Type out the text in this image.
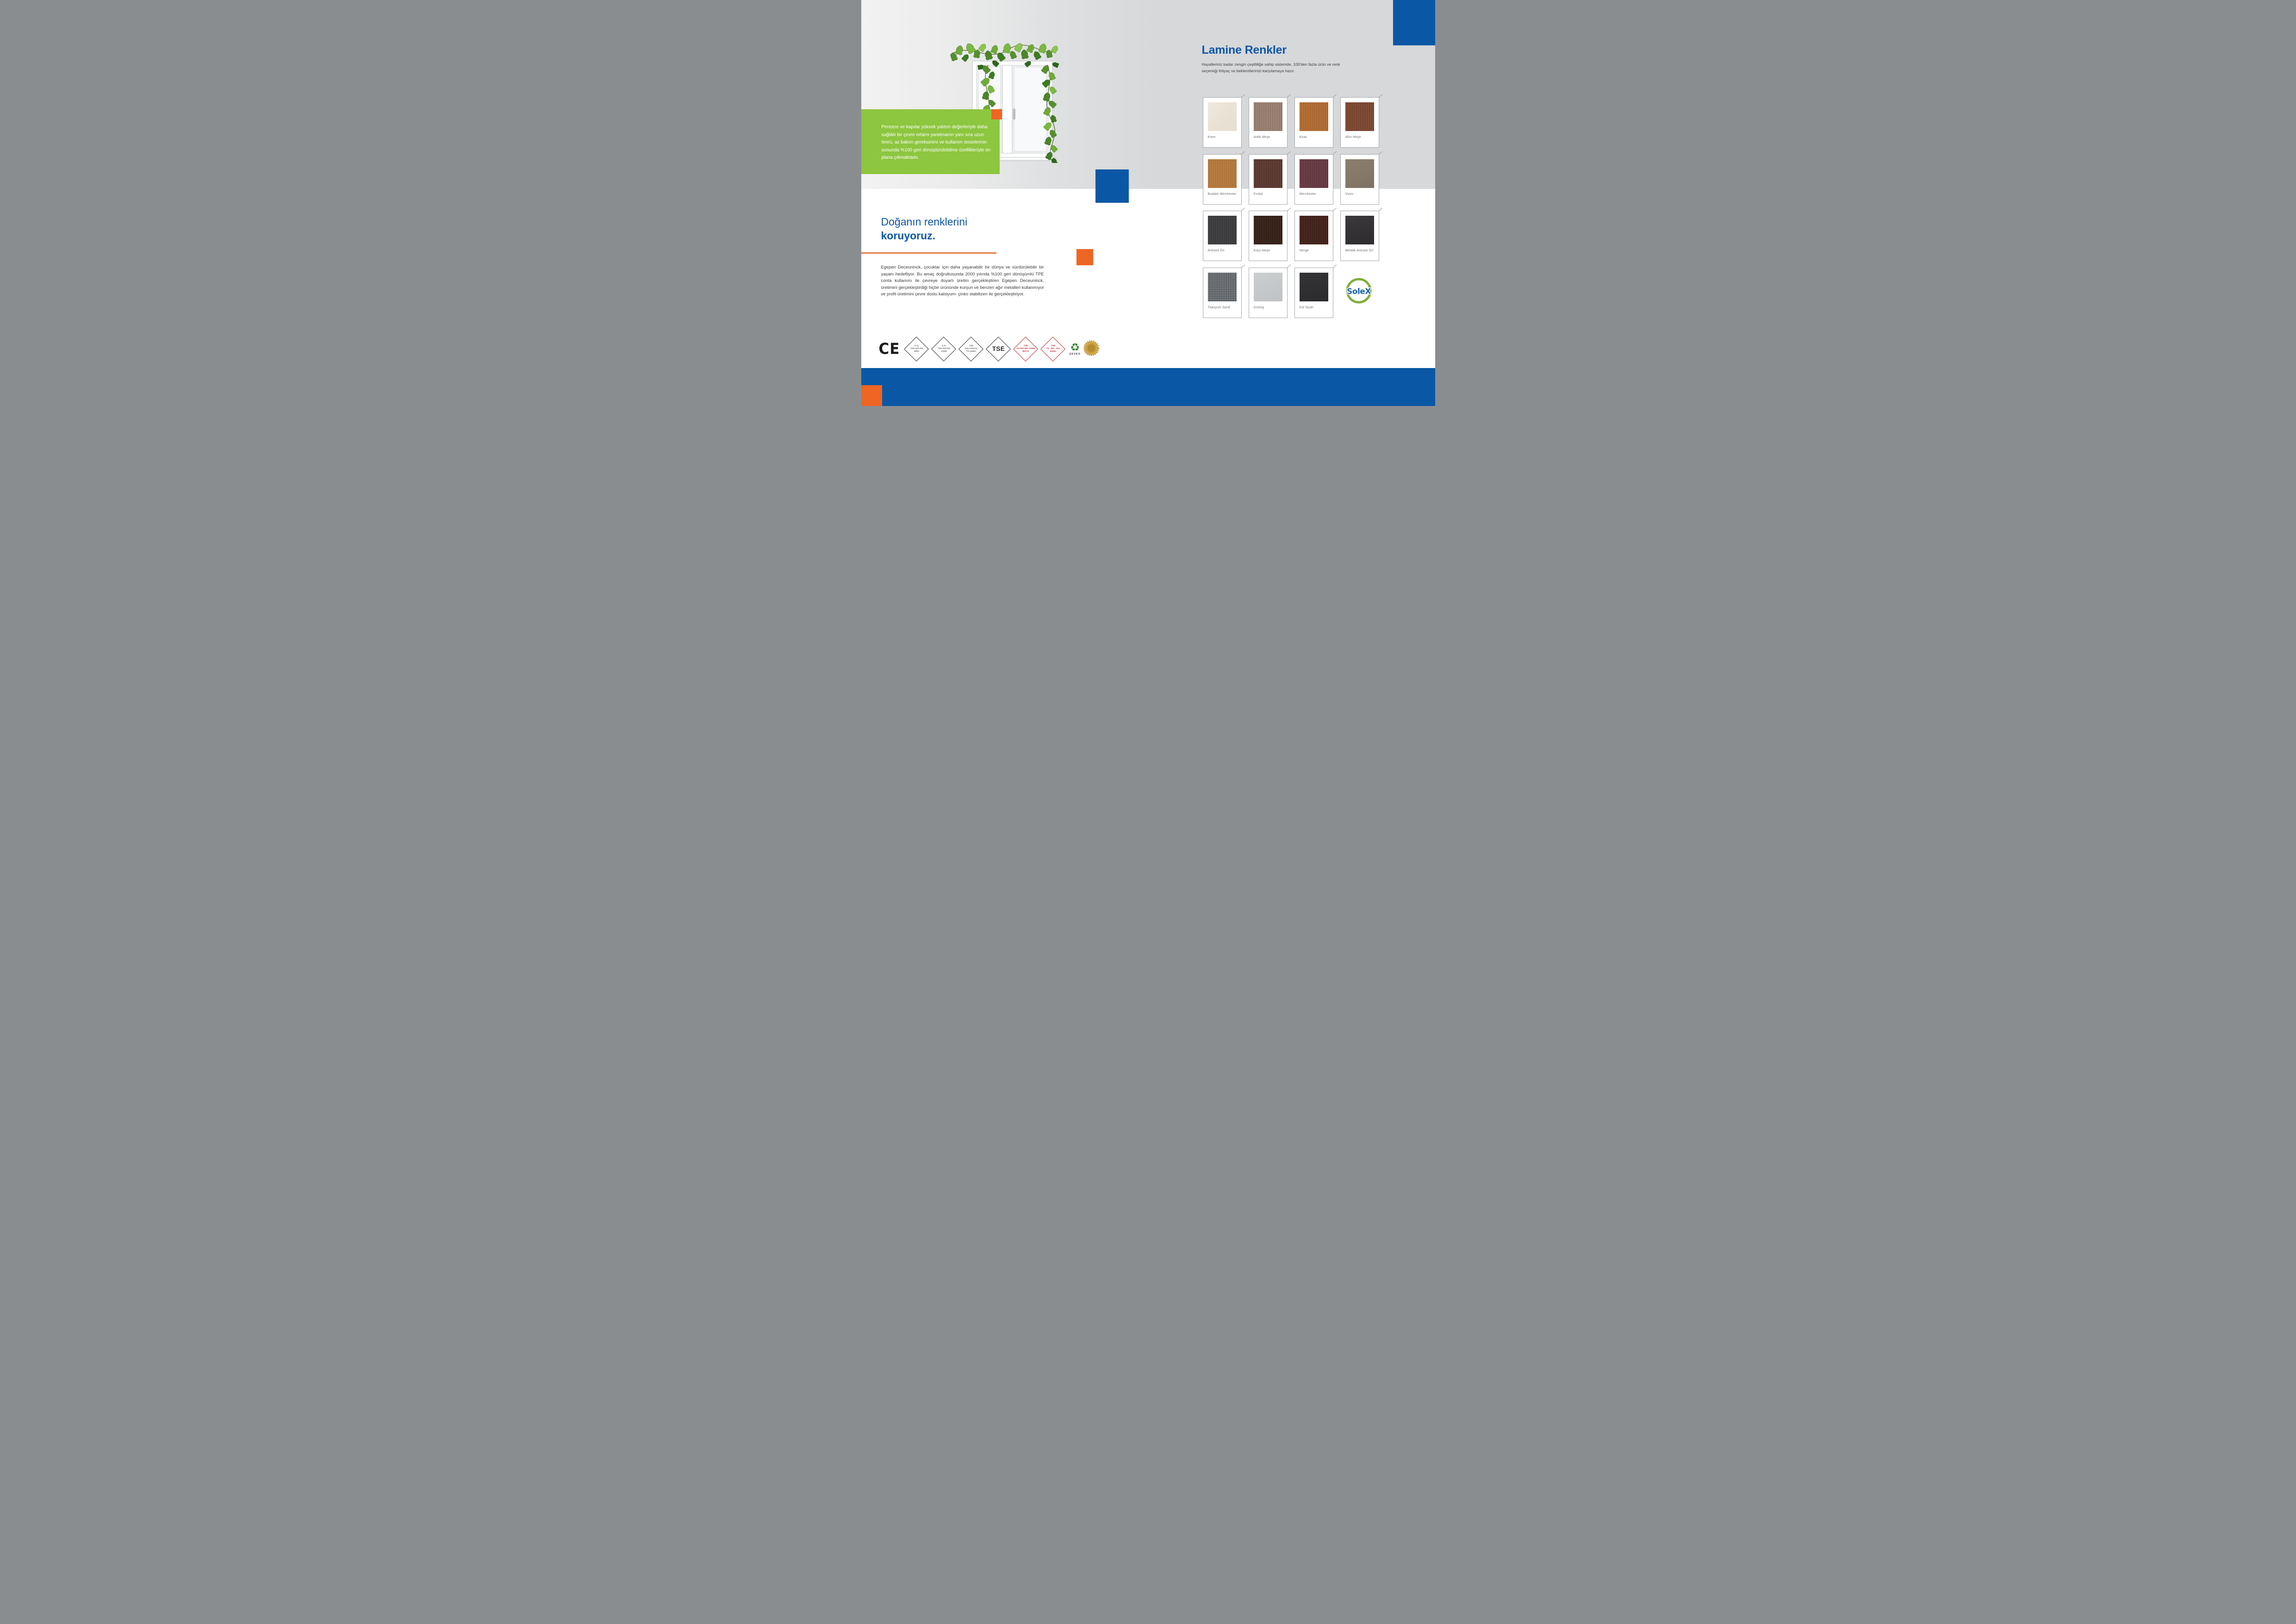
Pencere ve kapılar yüksek yalıtım değerleriyle daha sağlıklı bir çevre ortamı yaratmanın yanı sıra uzun ömrü, az bakım gereksinimi ve kullanım ömürlerinin sonunda %100 geri dönüştürülebilme özellikleriyle ön plana çıkmaktadır.
Doğanın renklerini
koruyoruz.
Egepen Deceuninck, çocuklar için daha yaşanabilir bir dünya ve sürdürülebilir bir yaşam hedefliyor. Bu amaç doğrultusunda 2000 yılında %100 geri dönüşümlü TPE conta kullanımı ile çevreye duyarlı üretim gerçekleştiren Egepen Deceuninck, üretimini gerçekleştirdiği hiçbir ürününde kurşun ve benzeri ağır metalleri kullanmıyor ve profil üretimini çevre dostu kalsiyum- çinko stabilizen ile gerçekleştiriyor.
Lamine Renkler
Hayalleriniz kadar zengin çeşitliliğe sahip sistemde, 100'den fazla ürün ve renk seçeneği ihtiyaç ve beklentilerinizi karşılamaya hazır.
Krem	Antik Meşe	Kiraz	Altın Meşe
Budaklı Winchester	Fındık	Winchester	Vizon
Antrasit Gri	Koyu Meşe	Venge	Metalik Antrasit Gri
Titanyum Sand	Gümüş	Kül Siyah
SoleX
CE	K-Q
TSE-ISO-EN
9000
Ç-E
TSE-ISO-EN
14000
TSE
ISG-OHSAS
TS 18001	TSE	TSE
TS-ISO-IEC-27001
BGYS
TSE
TS - EN - ISO
50001 ♻
ÇEVKO
